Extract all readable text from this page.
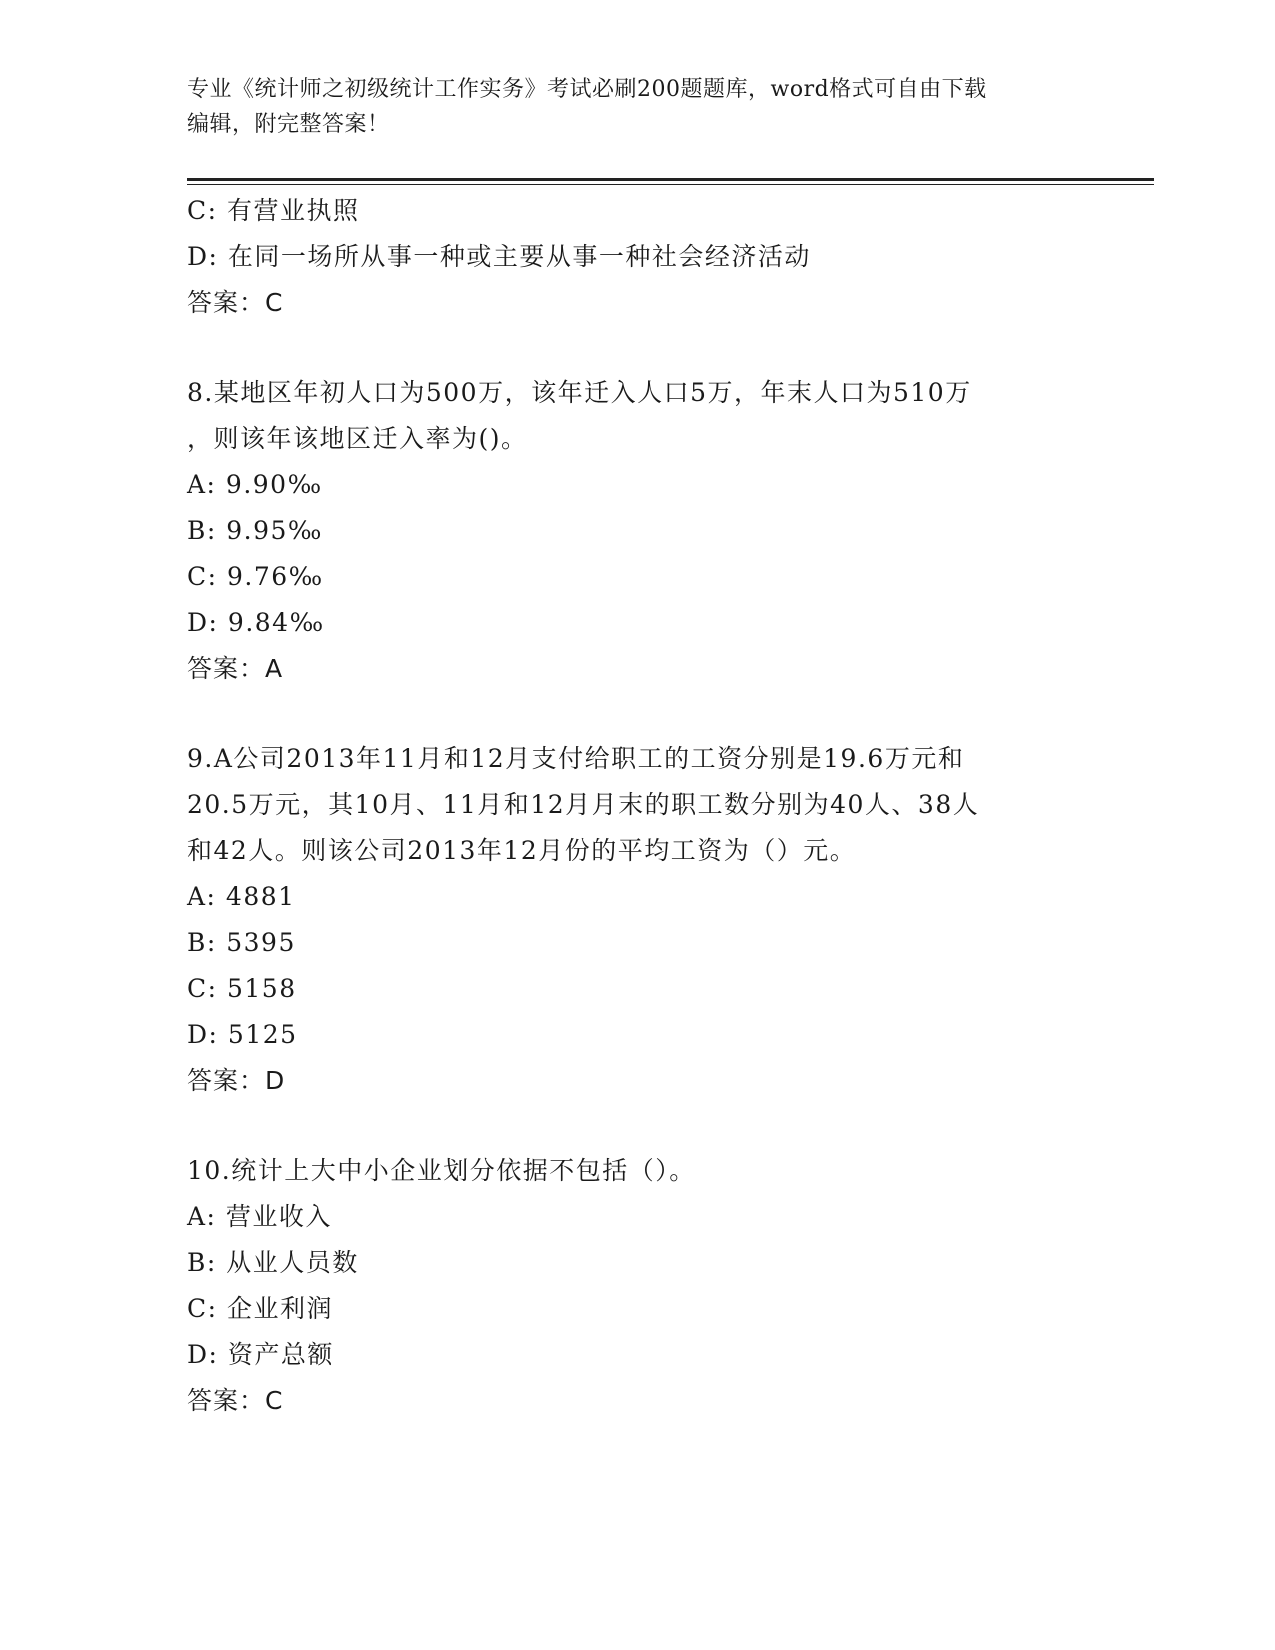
专业《统计师之初级统计工作实务》考试必刷200题题库，word格式可自由下载
编辑，附完整答案！
C: 有营业执照
D: 在同一场所从事一种或主要从事一种社会经济活动
答案：C
8.某地区年初人口为500万，该年迁入人口5万，年末人口为510万
，则该年该地区迁入率为()。
A: 9.90‰
B: 9.95‰
C: 9.76‰
D: 9.84‰
答案：A
9.A公司2013年11月和12月支付给职工的工资分别是19.6万元和
20.5万元，其10月、11月和12月月末的职工数分别为40人、38人
和42人。则该公司2013年12月份的平均工资为（）元。
A: 4881
B: 5395
C: 5158
D: 5125
答案：D
10.统计上大中小企业划分依据不包括（）。
A: 营业收入
B: 从业人员数
C: 企业利润
D: 资产总额
答案：C
